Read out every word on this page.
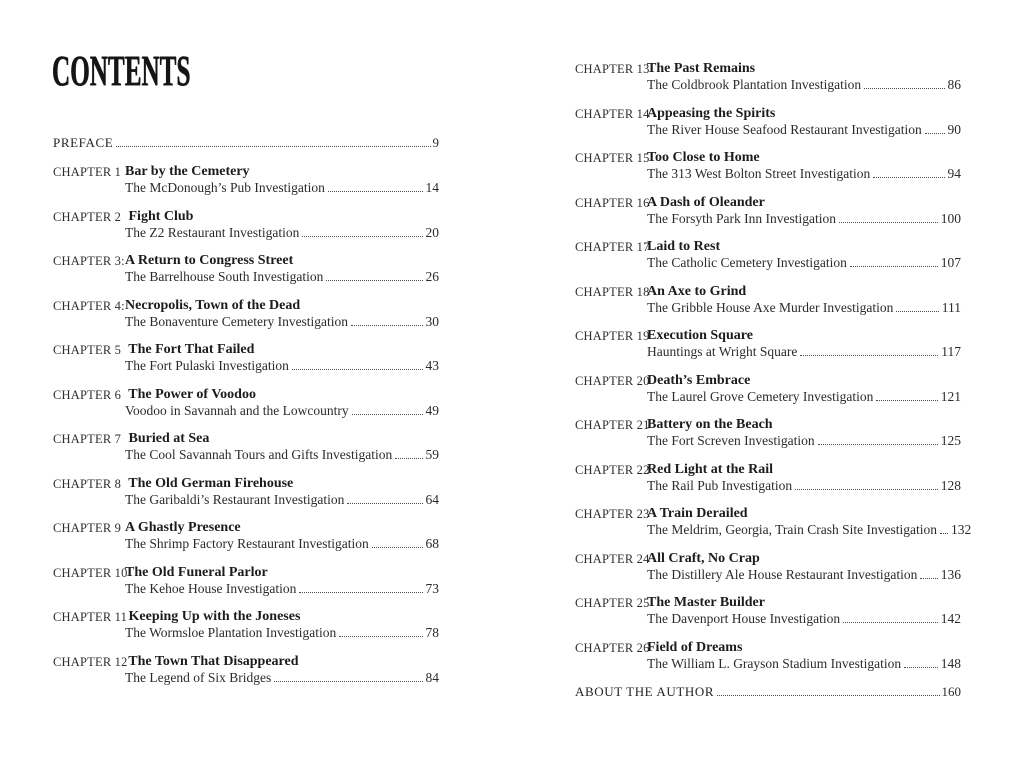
CONTENTS
PREFACE	9
CHAPTER 1 Bar by the Cemetery
The McDonough’s Pub Investigation	14
CHAPTER 2 Fight Club
The Z2 Restaurant Investigation	20
CHAPTER 3: A Return to Congress Street
The Barrelhouse South Investigation	26
CHAPTER 4: Necropolis, Town of the Dead
The Bonaventure Cemetery Investigation	30
CHAPTER 5 The Fort That Failed
The Fort Pulaski Investigation	43
CHAPTER 6 The Power of Voodoo
Voodoo in Savannah and the Lowcountry	49
CHAPTER 7 Buried at Sea
The Cool Savannah Tours and Gifts Investigation 59
CHAPTER 8 The Old German Firehouse
The Garibaldi’s Restaurant Investigation	64
CHAPTER 9 A Ghastly Presence
The Shrimp Factory Restaurant Investigation	68
CHAPTER 10
The Old Funeral Parlor
The Kehoe House Investigation	73
CHAPTER 11
Keeping Up with the Joneses
The Wormsloe Plantation Investigation	78
CHAPTER 12
The Town That Disappeared
The Legend of Six Bridges	84
CHAPTER 13
The Past Remains
The Coldbrook Plantation Investigation	86
CHAPTER 14
Appeasing the Spirits
The River House Seafood Restaurant Investigation 90
CHAPTER 15
Too Close to Home
The 313 West Bolton Street Investigation	94
CHAPTER 16
A Dash of Oleander
The Forsyth Park Inn Investigation	100
CHAPTER 17
Laid to Rest
The Catholic Cemetery Investigation	107
CHAPTER 18
An Axe to Grind
The Gribble House Axe Murder Investigation	111
CHAPTER 19
Execution Square
Hauntings at Wright Square	117
CHAPTER 20
Death’s Embrace
The Laurel Grove Cemetery Investigation	121
CHAPTER 21
Battery on the Beach
The Fort Screven Investigation	125
CHAPTER 22
Red Light at the Rail
The Rail Pub Investigation	128
CHAPTER 23
A Train Derailed
The Meldrim, Georgia, Train Crash Site Investigation 132
CHAPTER 24
All Craft, No Crap
The Distillery Ale House Restaurant Investigation 136
CHAPTER 25
The Master Builder
The Davenport House Investigation	142
CHAPTER 26
Field of Dreams
The William L. Grayson Stadium Investigation	148
ABOUT THE AUTHOR	160
